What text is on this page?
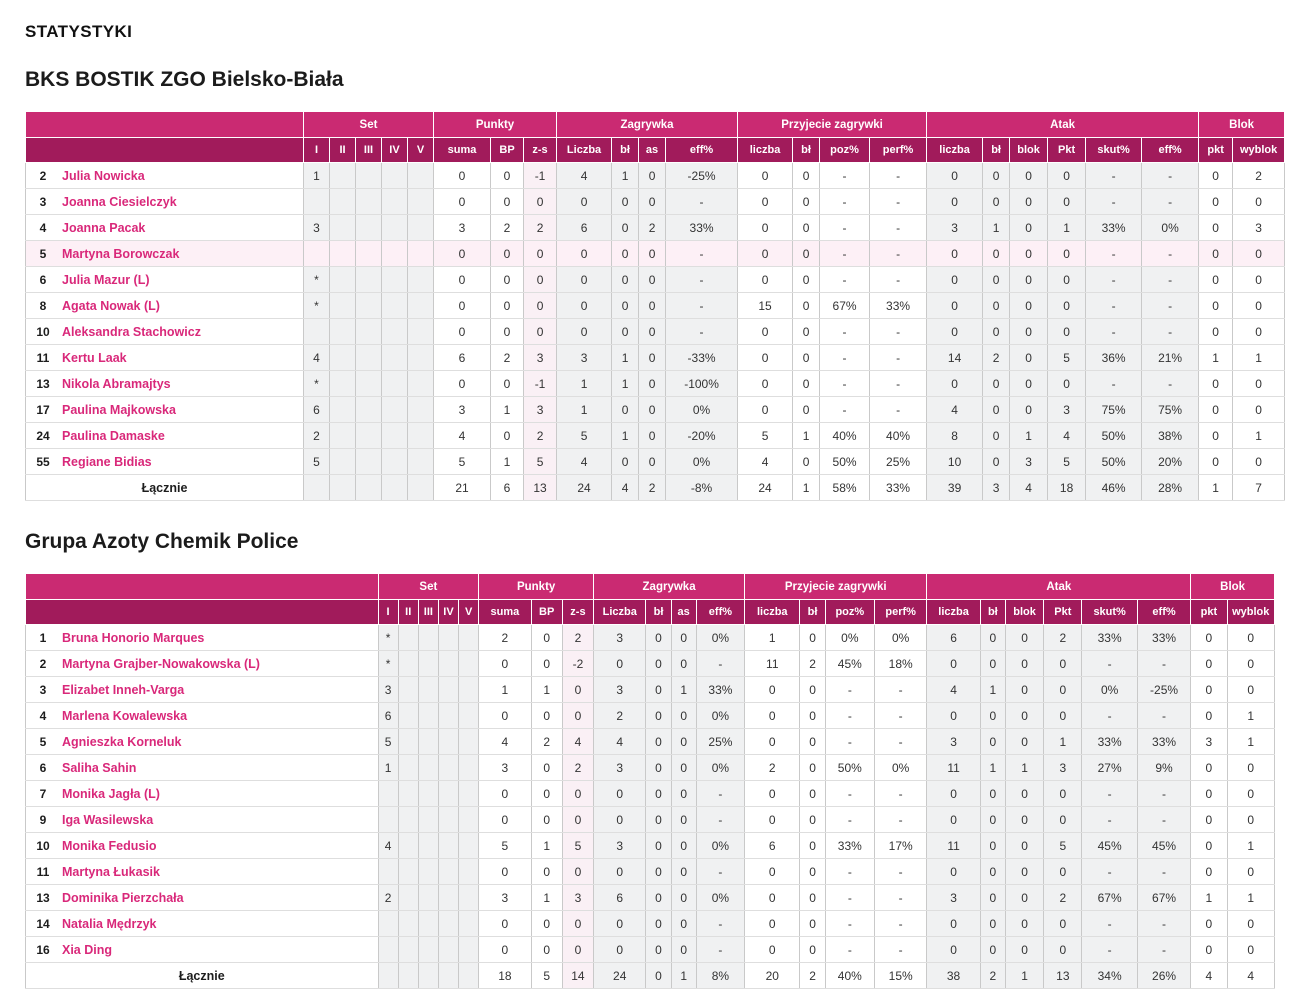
STATYSTYKI
BKS BOSTIK ZGO Bielsko-Biała
	Set					Punkty			Zagrywka				Przyjecie zagrywki				Atak						Blok	
	I	II	III	IV	V	suma	BP	z-s	Liczba	bł	as	eff%	liczba	bł	poz%	perf%	liczba	bł	blok	Pkt	skut%	eff%	pkt	wyblok
2 Julia Nowicka	1					0	0	-1	4	1	0	-25%	0	0	-	-	0	0	0	0	-	-	0	2
3 Joanna Ciesielczyk						0	0	0	0	0	0	-	0	0	-	-	0	0	0	0	-	-	0	0
4 Joanna Pacak	3					3	2	2	6	0	2	33%	0	0	-	-	3	1	0	1	33%	0%	0	3
5 Martyna Borowczak						0	0	0	0	0	0	-	0	0	-	-	0	0	0	0	-	-	0	0
6 Julia Mazur (L)	*					0	0	0	0	0	0	-	0	0	-	-	0	0	0	0	-	-	0	0
8 Agata Nowak (L)	*					0	0	0	0	0	0	-	15	0	67%	33%	0	0	0	0	-	-	0	0
10 Aleksandra Stachowicz						0	0	0	0	0	0	-	0	0	-	-	0	0	0	0	-	-	0	0
11 Kertu Laak	4					6	2	3	3	1	0	-33%	0	0	-	-	14	2	0	5	36%	21%	1	1
13 Nikola Abramajtys	*					0	0	-1	1	1	0	-100%	0	0	-	-	0	0	0	0	-	-	0	0
17 Paulina Majkowska	6					3	1	3	1	0	0	0%	0	0	-	-	4	0	0	3	75%	75%	0	0
24 Paulina Damaske	2					4	0	2	5	1	0	-20%	5	1	40%	40%	8	0	1	4	50%	38%	0	1
55 Regiane Bidias	5					5	1	5	4	0	0	0%	4	0	50%	25%	10	0	3	5	50%	20%	0	0
Łącznie						21	6	13	24	4	2	-8%	24	1	58%	33%	39	3	4	18	46%	28%	1	7
Grupa Azoty Chemik Police
	Set					Punkty			Zagrywka				Przyjecie zagrywki				Atak						Blok	
	I	II	III	IV	V	suma	BP	z-s	Liczba	bł	as	eff%	liczba	bł	poz%	perf%	liczba	bł	blok	Pkt	skut%	eff%	pkt	wyblok
1 Bruna Honorio Marques	*					2	0	2	3	0	0	0%	1	0	0%	0%	6	0	0	2	33%	33%	0	0
2 Martyna Grajber-Nowakowska (L)	*					0	0	-2	0	0	0	-	11	2	45%	18%	0	0	0	0	-	-	0	0
3 Elizabet Inneh-Varga	3					1	1	0	3	0	1	33%	0	0	-	-	4	1	0	0	0%	-25%	0	0
4 Marlena Kowalewska	6					0	0	0	2	0	0	0%	0	0	-	-	0	0	0	0	-	-	0	1
5 Agnieszka Korneluk	5					4	2	4	4	0	0	25%	0	0	-	-	3	0	0	1	33%	33%	3	1
6 Saliha Sahin	1					3	0	2	3	0	0	0%	2	0	50%	0%	11	1	1	3	27%	9%	0	0
7 Monika Jagła (L)						0	0	0	0	0	0	-	0	0	-	-	0	0	0	0	-	-	0	0
9 Iga Wasilewska						0	0	0	0	0	0	-	0	0	-	-	0	0	0	0	-	-	0	0
10 Monika Fedusio	4					5	1	5	3	0	0	0%	6	0	33%	17%	11	0	0	5	45%	45%	0	1
11 Martyna Łukasik						0	0	0	0	0	0	-	0	0	-	-	0	0	0	0	-	-	0	0
13 Dominika Pierzchała	2					3	1	3	6	0	0	0%	0	0	-	-	3	0	0	2	67%	67%	1	1
14 Natalia Mędrzyk						0	0	0	0	0	0	-	0	0	-	-	0	0	0	0	-	-	0	0
16 Xia Ding						0	0	0	0	0	0	-	0	0	-	-	0	0	0	0	-	-	0	0
Łącznie						18	5	14	24	0	1	8%	20	2	40%	15%	38	2	1	13	34%	26%	4	4
